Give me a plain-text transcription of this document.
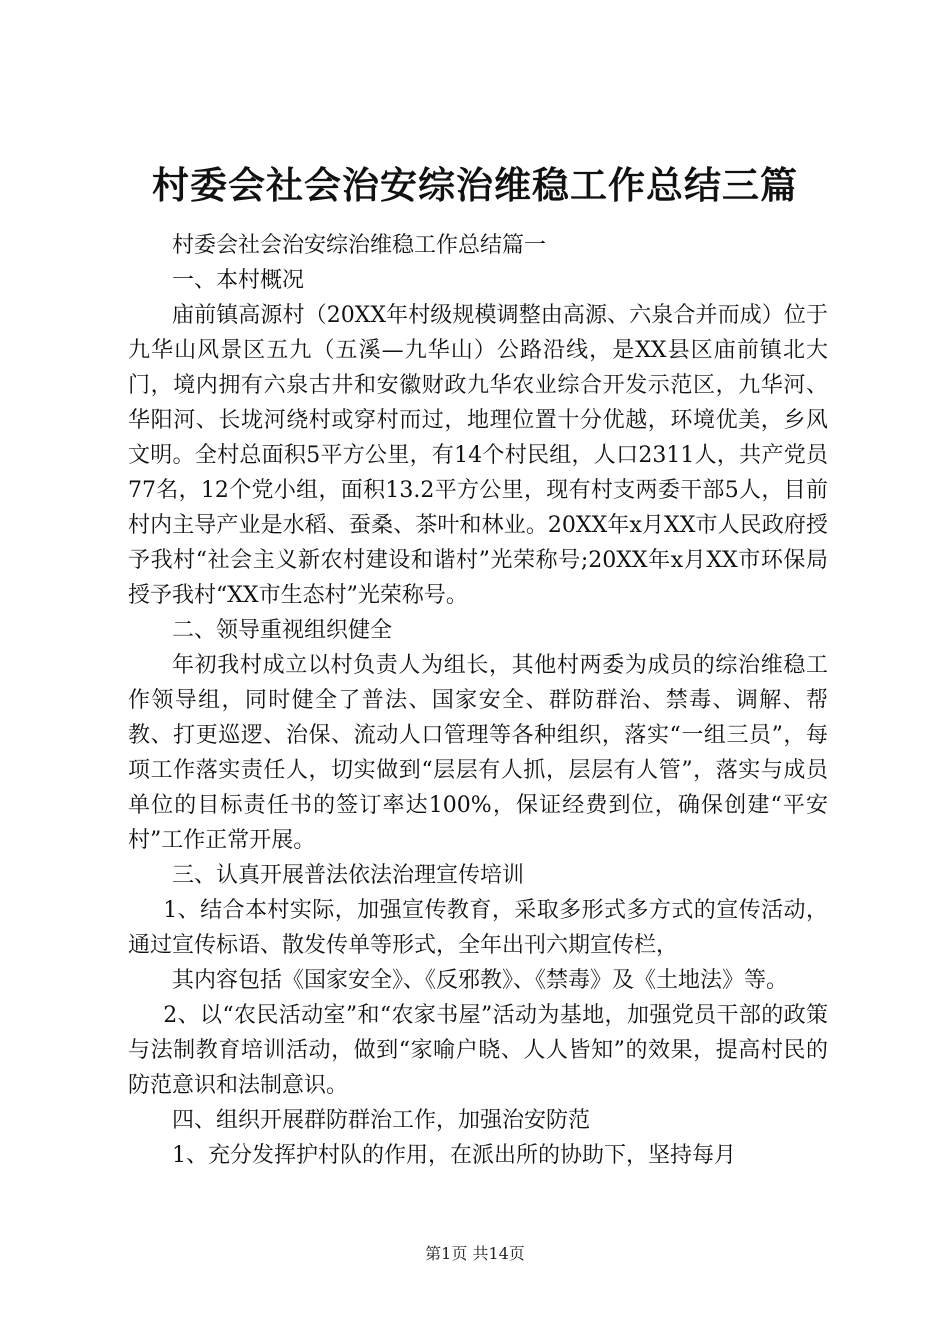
村委会社会治安综治维稳工作总结三篇

村委会社会治安综治维稳工作总结篇一

一、本村概况

庙前镇高源村（20XX年村级规模调整由高源、六泉合并而成）位于九华山风景区五九（五溪—九华山）公路沿线，是XX县区庙前镇北大门，境内拥有六泉古井和安徽财政九华农业综合开发示范区，九华河、华阳河、长垅河绕村或穿村而过，地理位置十分优越，环境优美，乡风文明。全村总面积5平方公里，有14个村民组，人口2311人，共产党员77名，12个党小组，面积13.2平方公里，现有村支两委干部5人，目前村内主导产业是水稻、蚕桑、茶叶和林业。20XX年x月XX市人民政府授予我村“社会主义新农村建设和谐村”光荣称号;20XX年x月XX市环保局授予我村“XX市生态村”光荣称号。

二、领导重视组织健全

年初我村成立以村负责人为组长，其他村两委为成员的综治维稳工作领导组，同时健全了普法、国家安全、群防群治、禁毒、调解、帮教、打更巡逻、治保、流动人口管理等各种组织，落实“一组三员”，每项工作落实责任人，切实做到“层层有人抓，层层有人管”，落实与成员单位的目标责任书的签订率达100%，保证经费到位，确保创建“平安村”工作正常开展。

三、认真开展普法依法治理宣传培训

1、结合本村实际，加强宣传教育，采取多形式多方式的宣传活动，通过宣传标语、散发传单等形式，全年出刊六期宣传栏，

其内容包括《国家安全》、《反邪教》、《禁毒》及《土地法》等。

2、以“农民活动室”和“农家书屋”活动为基地，加强党员干部的政策与法制教育培训活动，做到“家喻户晓、人人皆知”的效果，提高村民的防范意识和法制意识。

四、组织开展群防群治工作，加强治安防范

1、充分发挥护村队的作用，在派出所的协助下，坚持每月

第1页 共14页
